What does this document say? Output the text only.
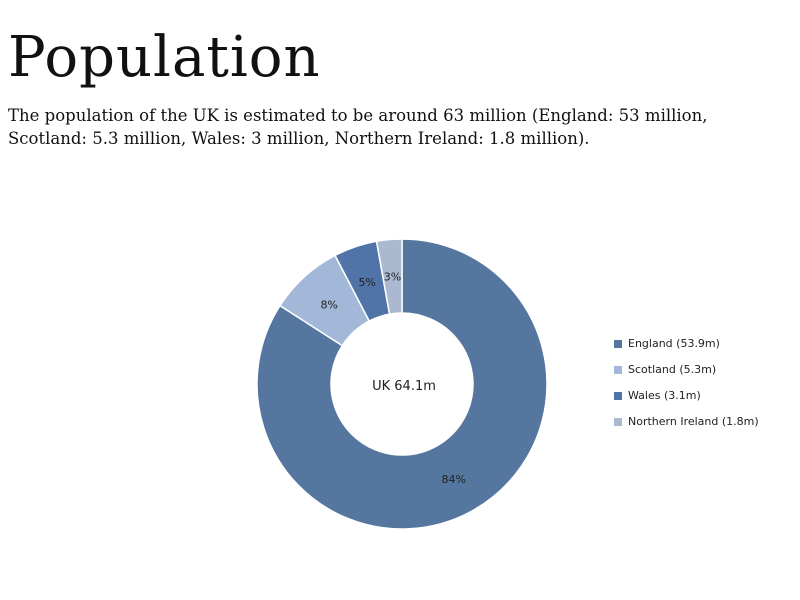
Population

The population of the UK is estimated to be around 63 million (England: 53 million, Scotland: 5.3 million, Wales: 3 million, Northern Ireland: 1.8 million).

84%
8%
5% 3%
UK 64.1m
England (53.9m)
Scotland (5.3m)
Wales (3.1m)
Northern Ireland (1.8m)
